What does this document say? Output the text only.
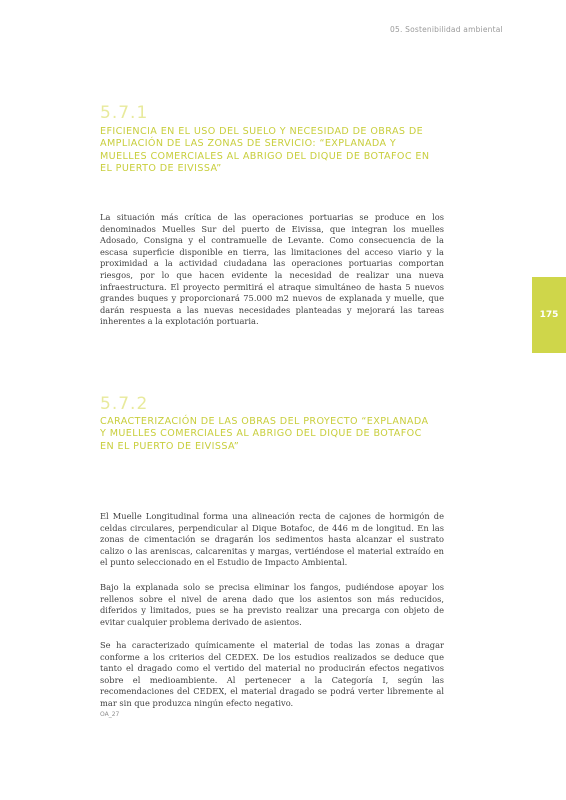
05. Sostenibilidad ambiental
175
5.7.1
EFICIENCIA EN EL USO DEL SUELO Y NECESIDAD DE OBRAS DE AMPLIACIÓN DE LAS ZONAS DE SERVICIO: “EXPLANADA Y MUELLES COMERCIALES AL ABRIGO DEL DIQUE DE BOTAFOC EN EL PUERTO DE EIVISSA”

La situación más crítica de las operaciones portuarias se produce en los denominados Muelles Sur del puerto de Eivissa, que integran los muelles Adosado, Consigna y el contramuelle de Levante. Como consecuencia de la escasa superficie disponible en tierra, las limitaciones del acceso viario y la proximidad a la actividad ciudadana las operaciones portuarias comportan riesgos, por lo que hacen evidente la necesidad de realizar una nueva infraestructura. El proyecto permitirá el atraque simultáneo de hasta 5 nuevos grandes buques y proporcionará 75.000 m2 nuevos de explanada y muelle, que darán respuesta a las nuevas necesidades planteadas y mejorará las tareas inherentes a la explotación portuaria.

5.7.2
CARACTERIZACIÓN DE LAS OBRAS DEL PROYECTO “EXPLANADA Y MUELLES COMERCIALES AL ABRIGO DEL DIQUE DE BOTAFOC EN EL PUERTO DE EIVISSA”

El Muelle Longitudinal forma una alineación recta de cajones de hormigón de celdas circulares, perpendicular al Dique Botafoc, de 446 m de longitud. En las zonas de cimentación se dragarán los sedimentos hasta alcanzar el sustrato calizo o las areniscas, calcarenitas y margas, vertiéndose el material extraído en el punto seleccionado en el Estudio de Impacto Ambiental.

Bajo la explanada solo se precisa eliminar los fangos, pudiéndose apoyar los rellenos sobre el nivel de arena dado que los asientos son más reducidos, diferidos y limitados, pues se ha previsto realizar una precarga con objeto de evitar cualquier problema derivado de asientos.

Se ha caracterizado químicamente el material de todas las zonas a dragar conforme a los criterios del CEDEX. De los estudios realizados se deduce que tanto el dragado como el vertido del material no producirán efectos negativos sobre el medioambiente. Al pertenecer a la Categoría I, según las recomendaciones del CEDEX, el material dragado se podrá verter libremente al mar sin que produzca ningún efecto negativo.

OA_27
